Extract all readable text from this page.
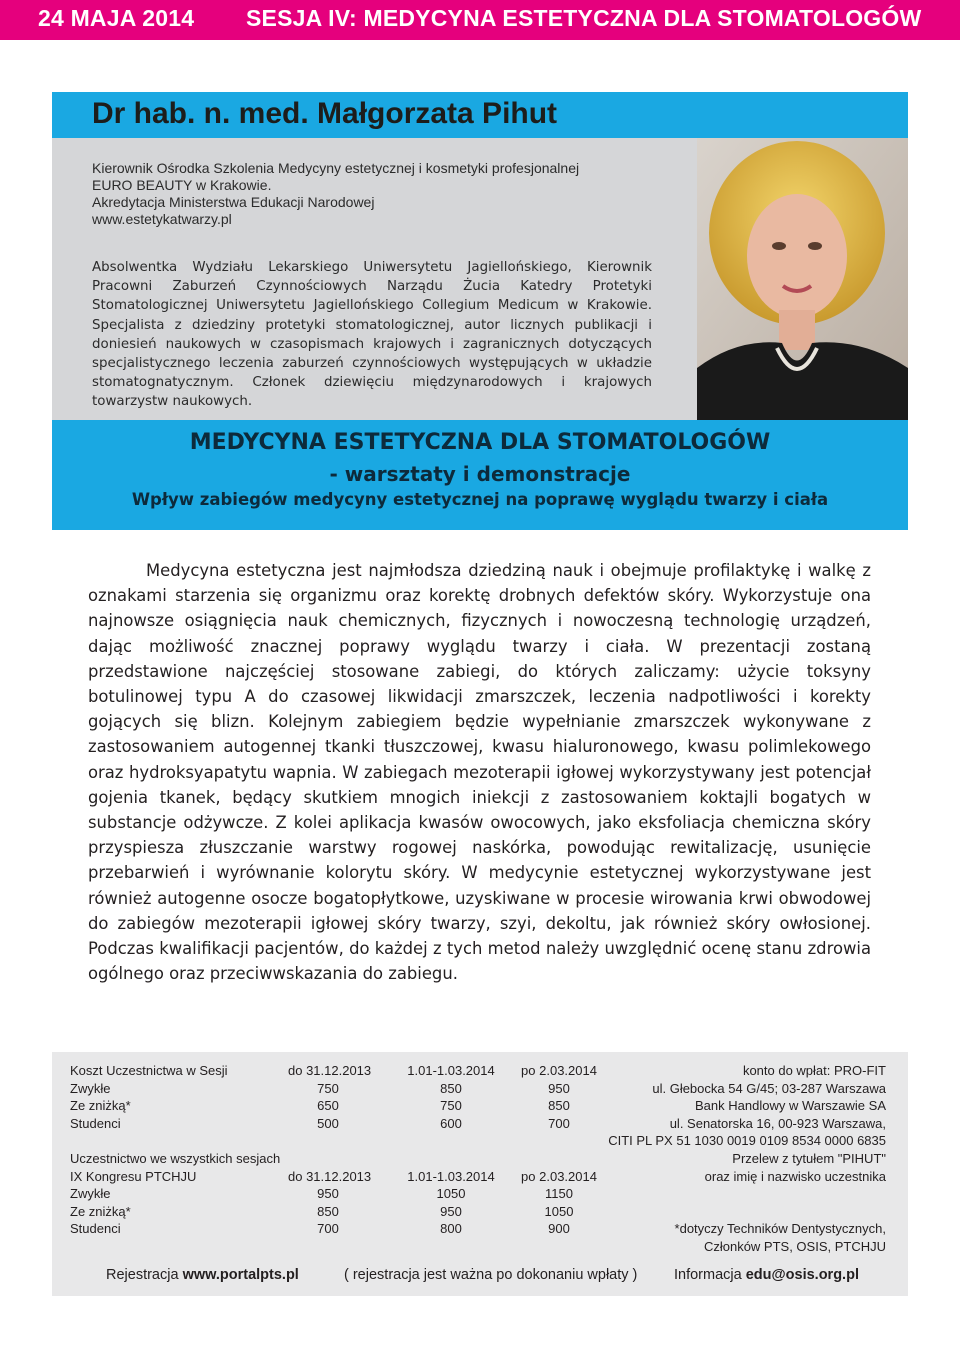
24 MAJA 2014 SESJA IV: MEDYCYNA ESTETYCZNA DLA STOMATOLOGÓW
Dr hab. n. med. Małgorzata Pihut
Kierownik Ośrodka Szkolenia Medycyny estetycznej i kosmetyki profesjonalnej
EURO BEAUTY w Krakowie.
Akredytacja Ministerstwa Edukacji Narodowej
www.estetykatwarzy.pl
Absolwentka Wydziału Lekarskiego Uniwersytetu Jagiellońskiego, Kierownik Pracowni Zaburzeń Czynnościowych Narządu Żucia Katedry Protetyki Stomatologicznej Uniwersytetu Jagiellońskiego Collegium Medicum w Krakowie. Specjalista z dziedziny protetyki stomatologicznej, autor licznych publikacji i doniesień naukowych w czasopismach krajowych i zagranicznych dotyczących specjalistycznego leczenia zaburzeń czynnościowych występujących w układzie stomatognatycznym. Członek dziewięciu międzynarodowych i krajowych towarzystw naukowych.
MEDYCYNA ESTETYCZNA DLA STOMATOLOGÓW
- warsztaty i demonstracje
Wpływ zabiegów medycyny estetycznej na poprawę wyglądu twarzy i ciała
Medycyna estetyczna jest najmłodsza dziedziną nauk i obejmuje profilaktykę i walkę z oznakami starzenia się organizmu oraz korektę drobnych defektów skóry. Wykorzystuje ona najnowsze osiągnięcia nauk chemicznych, fizycznych i nowoczesną technologię urządzeń, dając możliwość znacznej poprawy wyglądu twarzy i ciała. W prezentacji zostaną przedstawione najczęściej stosowane zabiegi, do których zaliczamy: użycie toksyny botulinowej typu A do czasowej likwidacji zmarszczek, leczenia nadpotliwości i korekty gojących się blizn. Kolejnym zabiegiem będzie wypełnianie zmarszczek wykonywane z zastosowaniem autogennej tkanki tłuszczowej, kwasu hialuronowego, kwasu polimlekowego oraz hydroksyapatytu wapnia. W zabiegach mezoterapii igłowej wykorzystywany jest potencjał gojenia tkanek, będący skutkiem mnogich iniekcji z zastosowaniem koktajli bogatych w substancje odżywcze. Z kolei aplikacja kwasów owocowych, jako eksfoliacja chemiczna skóry przyspiesza złuszczanie warstwy rogowej naskórka, powodując rewitalizację, usunięcie przebarwień i wyrównanie kolorytu skóry. W medycynie estetycznej wykorzystywane jest również autogenne osocze bogatopłytkowe, uzyskiwane w procesie wirowania krwi obwodowej do zabiegów mezoterapii igłowej skóry twarzy, szyi, dekoltu, jak również skóry owłosionej. Podczas kwalifikacji pacjentów, do każdej z tych metod należy uwzględnić ocenę stanu zdrowia ogólnego oraz przeciwwskazania do zabiegu.
Koszt Uczestnictwa w Sesji	do 31.12.2013	1.01-1.03.2014	po 2.03.2014
Zwykłe	750	850	950
Ze zniżką*	650	750	850
Studenci	500	600	700
Uczestnictwo we wszystkich sesjach
IX Kongresu PTCHJU	do 31.12.2013	1.01-1.03.2014	po 2.03.2014
Zwykłe	950	1050	1150
Ze zniżką*	850	950	1050
Studenci	700	800	900
konto do wpłat: PRO-FIT
ul. Głebocka 54 G/45; 03-287 Warszawa
Bank Handlowy w Warszawie SA
ul. Senatorska 16, 00-923 Warszawa,
CITI PL PX 51 1030 0019 0109 8534 0000 6835
Przelew z tytułem "PIHUT"
oraz imię i nazwisko uczestnika
*dotyczy Techników Dentystycznych,
Członków PTS, OSIS, PTCHJU
Rejestracja www.portalpts.pl	( rejestracja jest ważna po dokonaniu wpłaty )	Informacja edu@osis.org.pl
